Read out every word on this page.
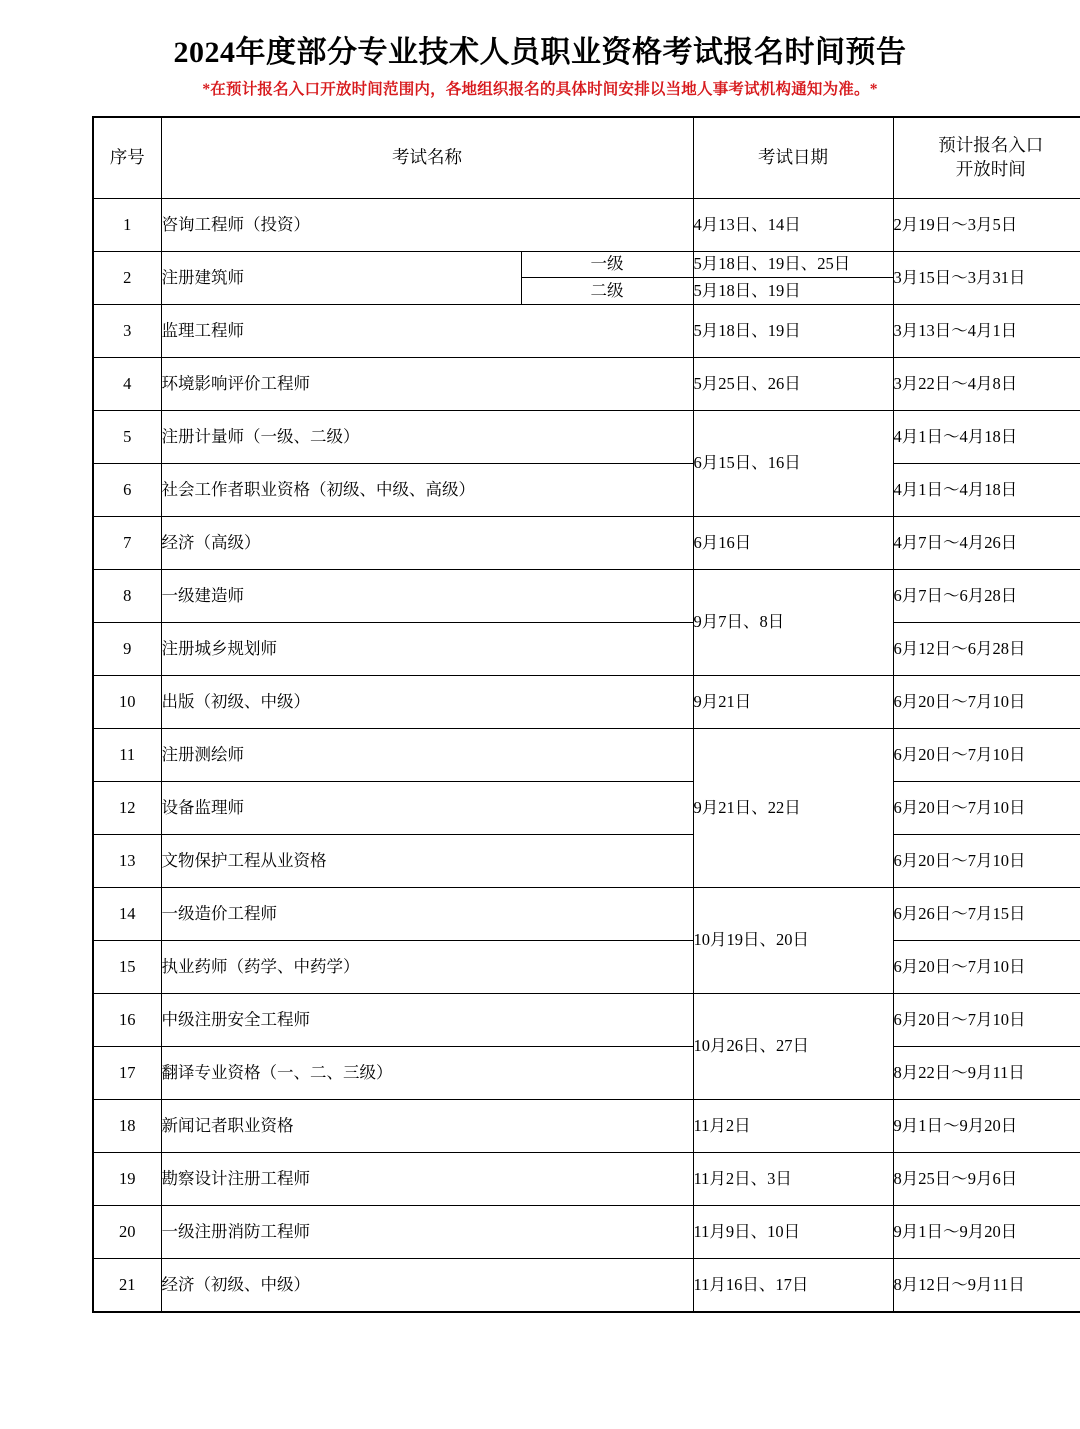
2024年度部分专业技术人员职业资格考试报名时间预告

*在预计报名入口开放时间范围内，各地组织报名的具体时间安排以当地人事考试机构通知为准。*

序号	考试名称		考试日期	预计报名入口
开放时间

1	咨询工程师（投资）		4月13日、14日	2月19日～3月5日
2	注册建筑师	一级	5月18日、19日、25日	3月15日～3月31日
		二级	5月18日、19日	
3	监理工程师		5月18日、19日	3月13日～4月1日
4	环境影响评价工程师		5月25日、26日	3月22日～4月8日
5	注册计量师（一级、二级）		6月15日、16日	4月1日～4月18日
6	社会工作者职业资格（初级、中级、高级）			4月1日～4月18日
7	经济（高级）		6月16日	4月7日～4月26日
8	一级建造师		9月7日、8日	6月7日～6月28日
9	注册城乡规划师			6月12日～6月28日
10	出版（初级、中级）		9月21日	6月20日～7月10日
11	注册测绘师		9月21日、22日	6月20日～7月10日
12	设备监理师			6月20日～7月10日
13	文物保护工程从业资格			6月20日～7月10日
14	一级造价工程师		10月19日、20日	6月26日～7月15日
15	执业药师（药学、中药学）			6月20日～7月10日
16	中级注册安全工程师		10月26日、27日	6月20日～7月10日
17	翻译专业资格（一、二、三级）			8月22日～9月11日
18	新闻记者职业资格		11月2日	9月1日～9月20日
19	勘察设计注册工程师		11月2日、3日	8月25日～9月6日
20	一级注册消防工程师		11月9日、10日	9月1日～9月20日
21	经济（初级、中级）		11月16日、17日	8月12日～9月11日
